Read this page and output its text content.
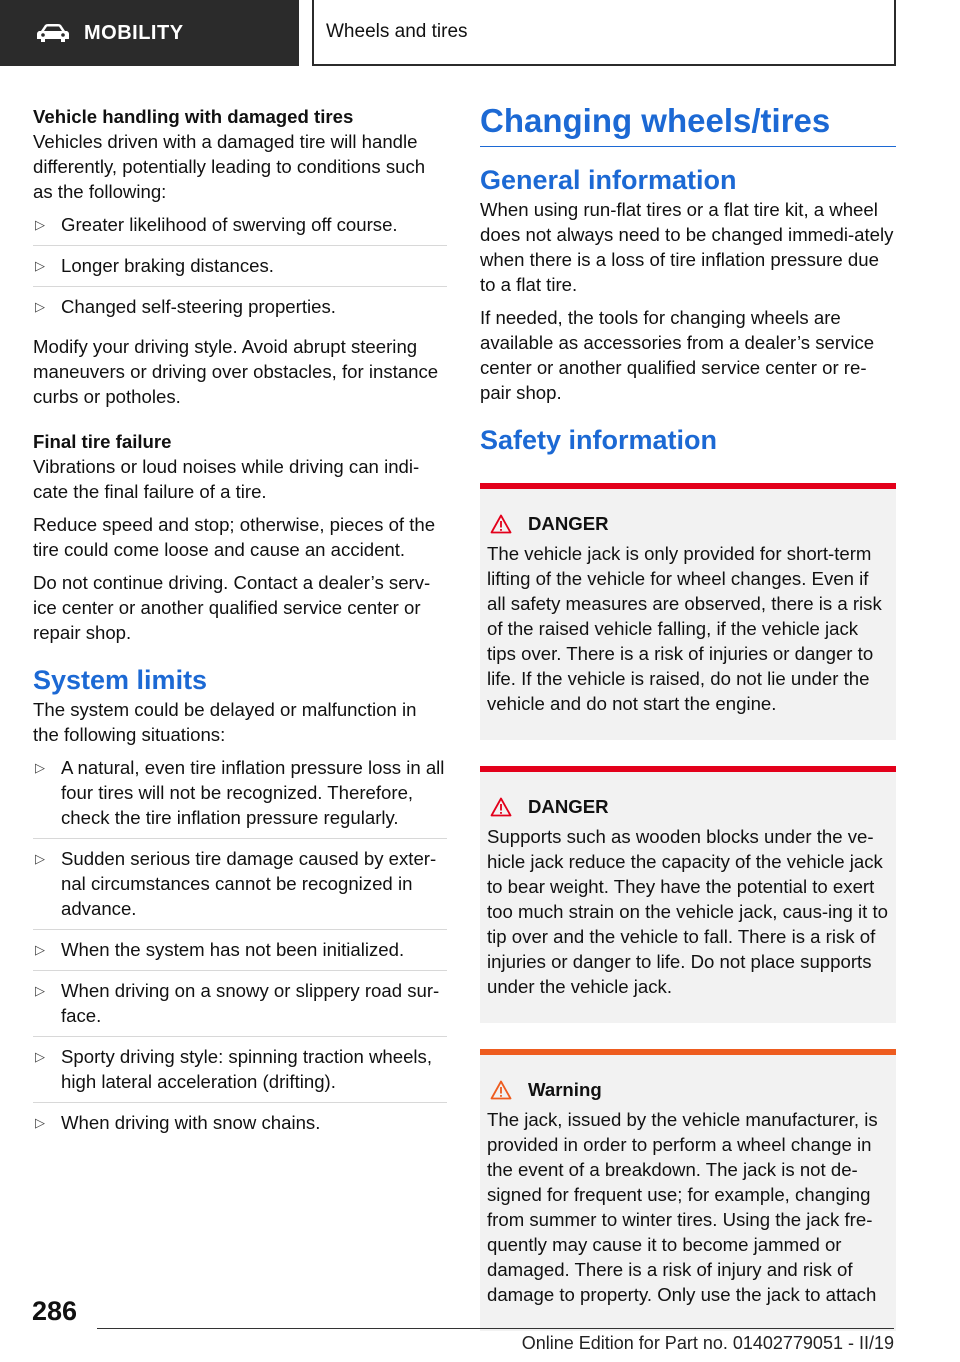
MOBILITY	Wheels and tires
Vehicle handling with damaged tires

Vehicles driven with a damaged tire will handle differently, potentially leading to conditions such as the following:

▷ Greater likelihood of swerving off course.
▷ Longer braking distances.
▷ Changed self-steering properties.

Modify your driving style. Avoid abrupt steering maneuvers or driving over obstacles, for instance curbs or potholes.

Final tire failure

Vibrations or loud noises while driving can indi-cate the final failure of a tire.

Reduce speed and stop; otherwise, pieces of the tire could come loose and cause an accident.

Do not continue driving. Contact a dealer’s serv-ice center or another qualified service center or repair shop.

System limits

The system could be delayed or malfunction in the following situations:

▷ A natural, even tire inflation pressure loss in all four tires will not be recognized. Therefore, check the tire inflation pressure regularly.
▷ Sudden serious tire damage caused by exter-nal circumstances cannot be recognized in advance.
▷ When the system has not been initialized.
▷ When driving on a snowy or slippery road sur-face.
▷ Sporty driving style: spinning traction wheels, high lateral acceleration (drifting).
▷ When driving with snow chains.
Changing wheels/tires
General information

When using run-flat tires or a flat tire kit, a wheel does not always need to be changed immedi-ately when there is a loss of tire inflation pressure due to a flat tire.

If needed, the tools for changing wheels are available as accessories from a dealer’s service center or another qualified service center or re-pair shop.

Safety information
DANGER

The vehicle jack is only provided for short-term lifting of the vehicle for wheel changes. Even if all safety measures are observed, there is a risk of the raised vehicle falling, if the vehicle jack tips over. There is a risk of injuries or danger to life. If the vehicle is raised, do not lie under the vehicle and do not start the engine.

DANGER

Supports such as wooden blocks under the ve-hicle jack reduce the capacity of the vehicle jack to bear weight. They have the potential to exert too much strain on the vehicle jack, caus-ing it to tip over and the vehicle to fall. There is a risk of injuries or danger to life. Do not place supports under the vehicle jack.

Warning

The jack, issued by the vehicle manufacturer, is provided in order to perform a wheel change in the event of a breakdown. The jack is not de-signed for frequent use; for example, changing from summer to winter tires. Using the jack fre-quently may cause it to become jammed or damaged. There is a risk of injury and risk of damage to property. Only use the jack to attach

286
Online Edition for Part no. 01402779051 - II/19
